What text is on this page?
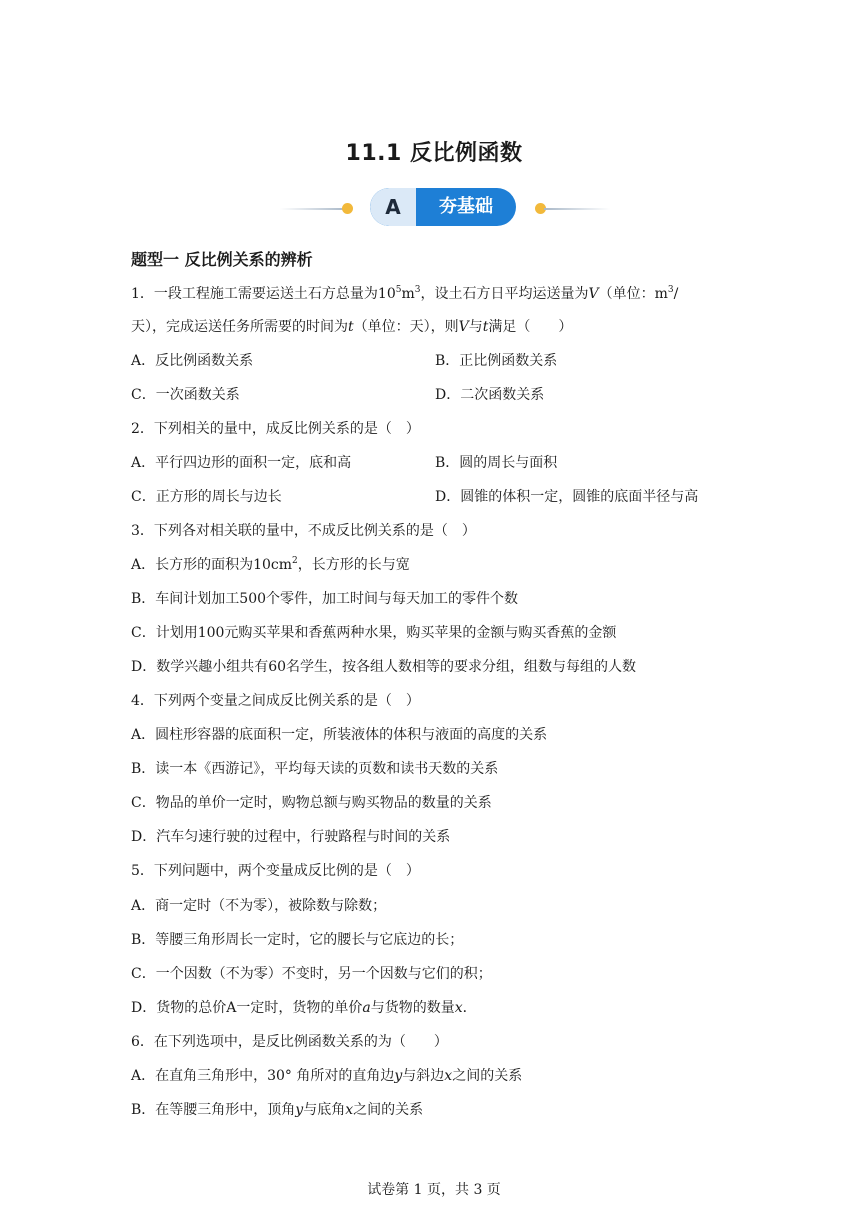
11.1 反比例函数
A	夯基础
题型一 反比例关系的辨析
1．一段工程施工需要运送土石方总量为$10^5m^3$，设土石方日平均运送量为V（单位：$m^3/$
天），完成运送任务所需要的时间为t（单位：天），则V与t满足（　　）
A．反比例函数关系	B．正比例函数关系
C．一次函数关系	D．二次函数关系
2．下列相关的量中，成反比例关系的是（　）
A．平行四边形的面积一定，底和高	B．圆的周长与面积
C．正方形的周长与边长	D．圆锥的体积一定，圆锥的底面半径与高
3．下列各对相关联的量中，不成反比例关系的是（　）
A．长方形的面积为$10cm^2$，长方形的长与宽
B．车间计划加工500个零件，加工时间与每天加工的零件个数
C．计划用100元购买苹果和香蕉两种水果，购买苹果的金额与购买香蕉的金额
D．数学兴趣小组共有60名学生，按各组人数相等的要求分组，组数与每组的人数
4．下列两个变量之间成反比例关系的是（　）
A．圆柱形容器的底面积一定，所装液体的体积与液面的高度的关系
B．读一本《西游记》，平均每天读的页数和读书天数的关系
C．物品的单价一定时，购物总额与购买物品的数量的关系
D．汽车匀速行驶的过程中，行驶路程与时间的关系
5．下列问题中，两个变量成反比例的是（　）
A．商一定时（不为零），被除数与除数；
B．等腰三角形周长一定时，它的腰长与它底边的长；
C．一个因数（不为零）不变时，另一个因数与它们的积；
D．货物的总价A一定时，货物的单价a与货物的数量x．
6．在下列选项中，是反比例函数关系的为（　　）
A．在直角三角形中，30° 角所对的直角边y与斜边x之间的关系
B．在等腰三角形中，顶角y与底角x之间的关系
试卷第 1 页，共 3 页
